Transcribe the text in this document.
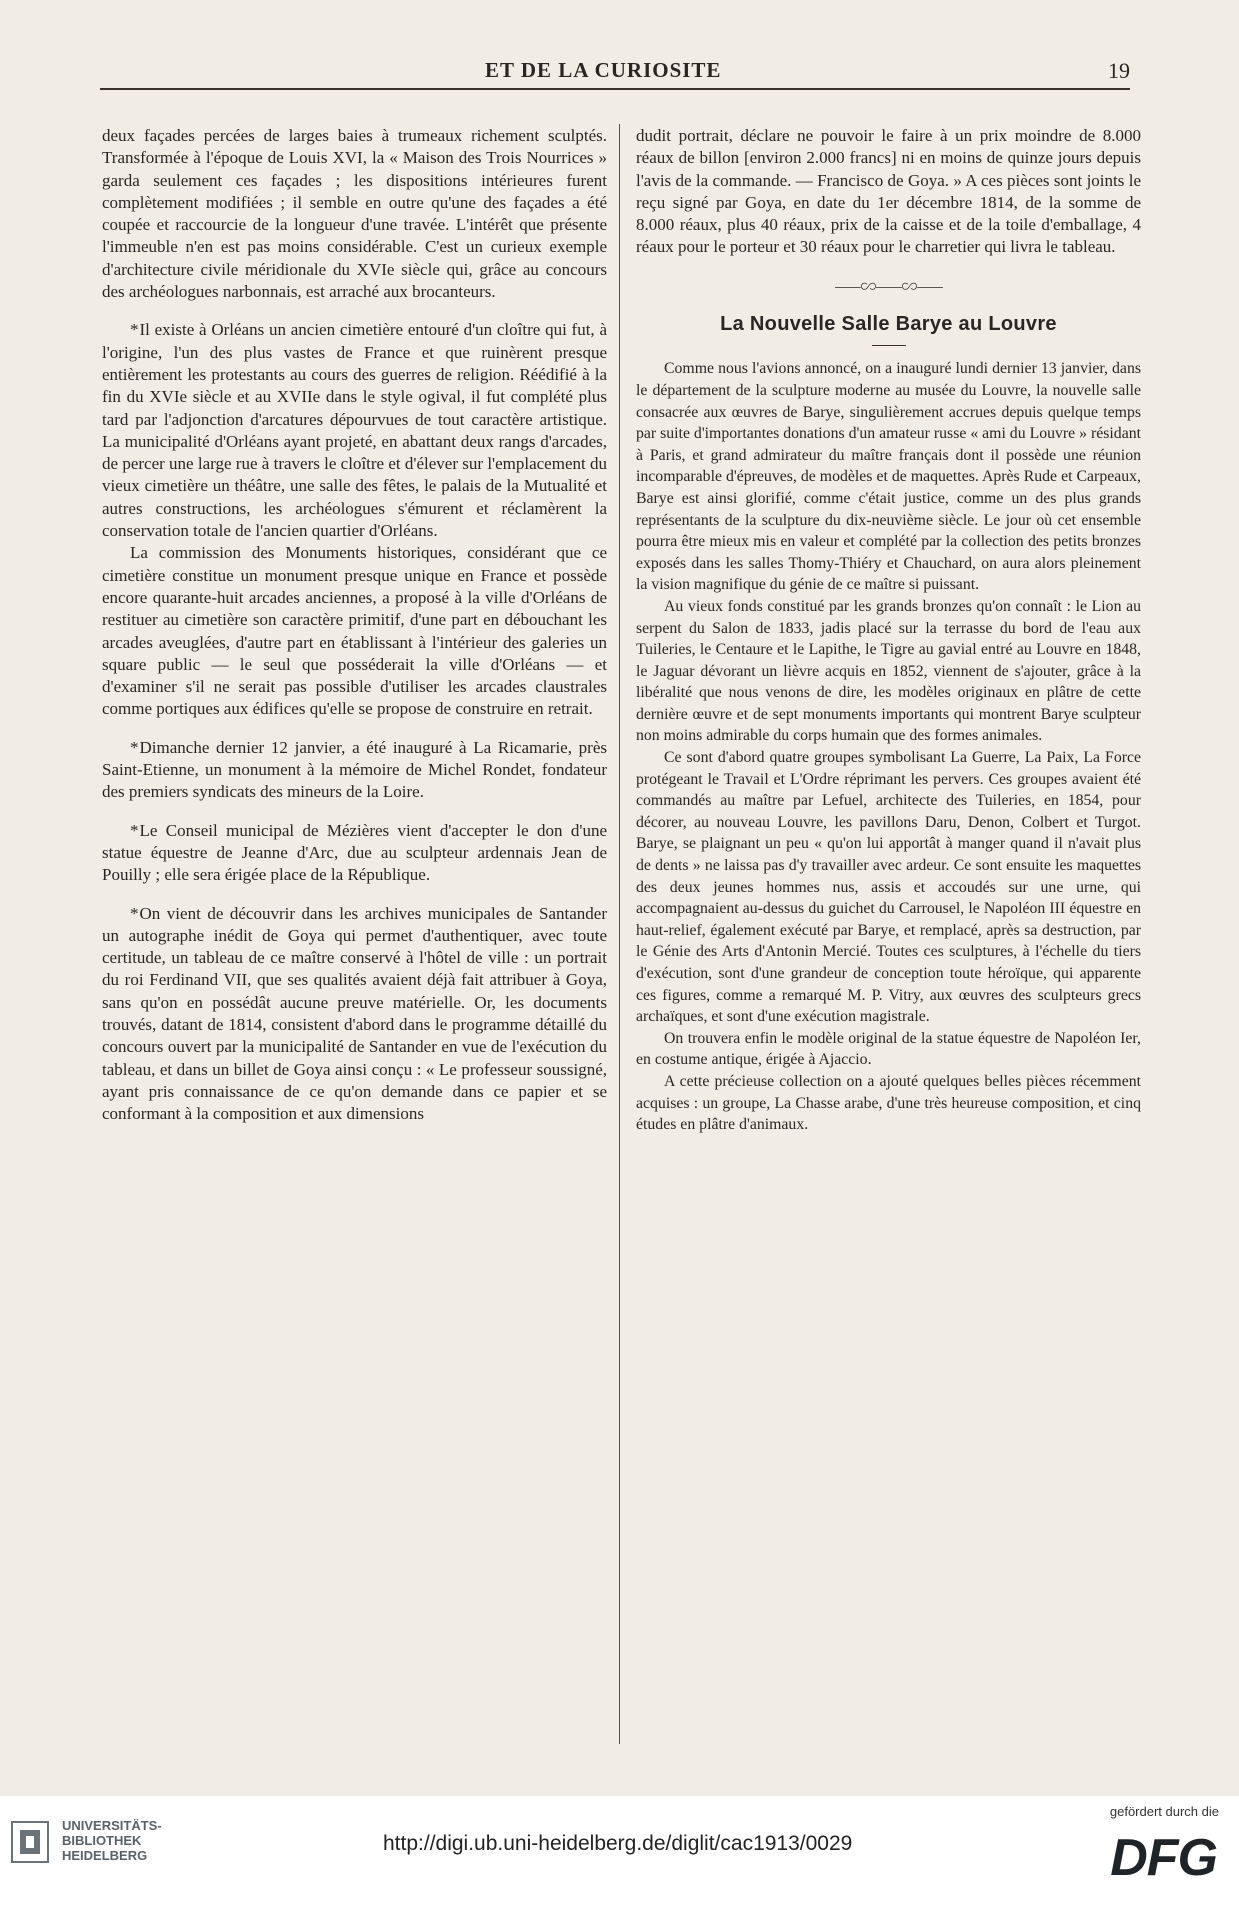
ET DE LA CURIOSITE	19

deux façades percées de larges baies à trumeaux richement sculptés. Transformée à l'époque de Louis XVI, la « Maison des Trois Nourrices » garda seulement ces façades ; les dispositions intérieures furent complètement modifiées ; il semble en outre qu'une des façades a été coupée et raccourcie de la longueur d'une travée. L'intérêt que présente l'immeuble n'en est pas moins considérable. C'est un curieux exemple d'architecture civile méridionale du XVIe siècle qui, grâce au concours des archéologues narbonnais, est arraché aux brocanteurs.

* Il existe à Orléans un ancien cimetière entouré d'un cloître qui fut, à l'origine, l'un des plus vastes de France et que ruinèrent presque entièrement les protestants au cours des guerres de religion. Réédifié à la fin du XVIe siècle et au XVIIe dans le style ogival, il fut complété plus tard par l'adjonction d'arcatures dépourvues de tout caractère artistique. La municipalité d'Orléans ayant projeté, en abattant deux rangs d'arcades, de percer une large rue à travers le cloître et d'élever sur l'emplacement du vieux cimetière un théâtre, une salle des fêtes, le palais de la Mutualité et autres constructions, les archéologues s'émurent et réclamèrent la conservation totale de l'ancien quartier d'Orléans.

La commission des Monuments historiques, considérant que ce cimetière constitue un monument presque unique en France et possède encore quarante-huit arcades anciennes, a proposé à la ville d'Orléans de restituer au cimetière son caractère primitif, d'une part en débouchant les arcades aveuglées, d'autre part en établissant à l'intérieur des galeries un square public — le seul que posséderait la ville d'Orléans — et d'examiner s'il ne serait pas possible d'utiliser les arcades claustrales comme portiques aux édifices qu'elle se propose de construire en retrait.

* Dimanche dernier 12 janvier, a été inauguré à La Ricamarie, près Saint-Etienne, un monument à la mémoire de Michel Rondet, fondateur des premiers syndicats des mineurs de la Loire.

* Le Conseil municipal de Mézières vient d'accepter le don d'une statue équestre de Jeanne d'Arc, due au sculpteur ardennais Jean de Pouilly ; elle sera érigée place de la République.

* On vient de découvrir dans les archives municipales de Santander un autographe inédit de Goya qui permet d'authentiquer, avec toute certitude, un tableau de ce maître conservé à l'hôtel de ville : un portrait du roi Ferdinand VII, que ses qualités avaient déjà fait attribuer à Goya, sans qu'on en possédât aucune preuve matérielle. Or, les documents trouvés, datant de 1814, consistent d'abord dans le programme détaillé du concours ouvert par la municipalité de Santander en vue de l'exécution du tableau, et dans un billet de Goya ainsi conçu : « Le professeur soussigné, ayant pris connaissance de ce qu'on demande dans ce papier et se conformant à la composition et aux dimensions

dudit portrait, déclare ne pouvoir le faire à un prix moindre de 8.000 réaux de billon [environ 2.000 francs] ni en moins de quinze jours depuis l'avis de la commande. — Francisco de Goya. » A ces pièces sont joints le reçu signé par Goya, en date du 1er décembre 1814, de la somme de 8.000 réaux, plus 40 réaux, prix de la caisse et de la toile d'emballage, 4 réaux pour le porteur et 30 réaux pour le charretier qui livra le tableau.

⸺∽⸺∽⸺
La Nouvelle Salle Barye au Louvre

Comme nous l'avions annoncé, on a inauguré lundi dernier 13 janvier, dans le département de la sculpture moderne au musée du Louvre, la nouvelle salle consacrée aux œuvres de Barye, singulièrement accrues depuis quelque temps par suite d'importantes donations d'un amateur russe « ami du Louvre » résidant à Paris, et grand admirateur du maître français dont il possède une réunion incomparable d'épreuves, de modèles et de maquettes. Après Rude et Carpeaux, Barye est ainsi glorifié, comme c'était justice, comme un des plus grands représentants de la sculpture du dix-neuvième siècle. Le jour où cet ensemble pourra être mieux mis en valeur et complété par la collection des petits bronzes exposés dans les salles Thomy-Thiéry et Chauchard, on aura alors pleinement la vision magnifique du génie de ce maître si puissant.

Au vieux fonds constitué par les grands bronzes qu'on connaît : le Lion au serpent du Salon de 1833, jadis placé sur la terrasse du bord de l'eau aux Tuileries, le Centaure et le Lapithe, le Tigre au gavial entré au Louvre en 1848, le Jaguar dévorant un lièvre acquis en 1852, viennent de s'ajouter, grâce à la libéralité que nous venons de dire, les modèles originaux en plâtre de cette dernière œuvre et de sept monuments importants qui montrent Barye sculpteur non moins admirable du corps humain que des formes animales.

Ce sont d'abord quatre groupes symbolisant La Guerre, La Paix, La Force protégeant le Travail et L'Ordre réprimant les pervers. Ces groupes avaient été commandés au maître par Lefuel, architecte des Tuileries, en 1854, pour décorer, au nouveau Louvre, les pavillons Daru, Denon, Colbert et Turgot. Barye, se plaignant un peu « qu'on lui apportât à manger quand il n'avait plus de dents » ne laissa pas d'y travailler avec ardeur. Ce sont ensuite les maquettes des deux jeunes hommes nus, assis et accoudés sur une urne, qui accompagnaient au-dessus du guichet du Carrousel, le Napoléon III équestre en haut-relief, également exécuté par Barye, et remplacé, après sa destruction, par le Génie des Arts d'Antonin Mercié. Toutes ces sculptures, à l'échelle du tiers d'exécution, sont d'une grandeur de conception toute héroïque, qui apparente ces figures, comme a remarqué M. P. Vitry, aux œuvres des sculpteurs grecs archaïques, et sont d'une exécution magistrale.

On trouvera enfin le modèle original de la statue équestre de Napoléon Ier, en costume antique, érigée à Ajaccio.

A cette précieuse collection on a ajouté quelques belles pièces récemment acquises : un groupe, La Chasse arabe, d'une très heureuse composition, et cinq études en plâtre d'animaux.

UNIVERSITÄTS-
BIBLIOTHEK
HEIDELBERG
http://digi.ub.uni-heidelberg.de/diglit/cac1913/0029
gefördert durch die
DFG
